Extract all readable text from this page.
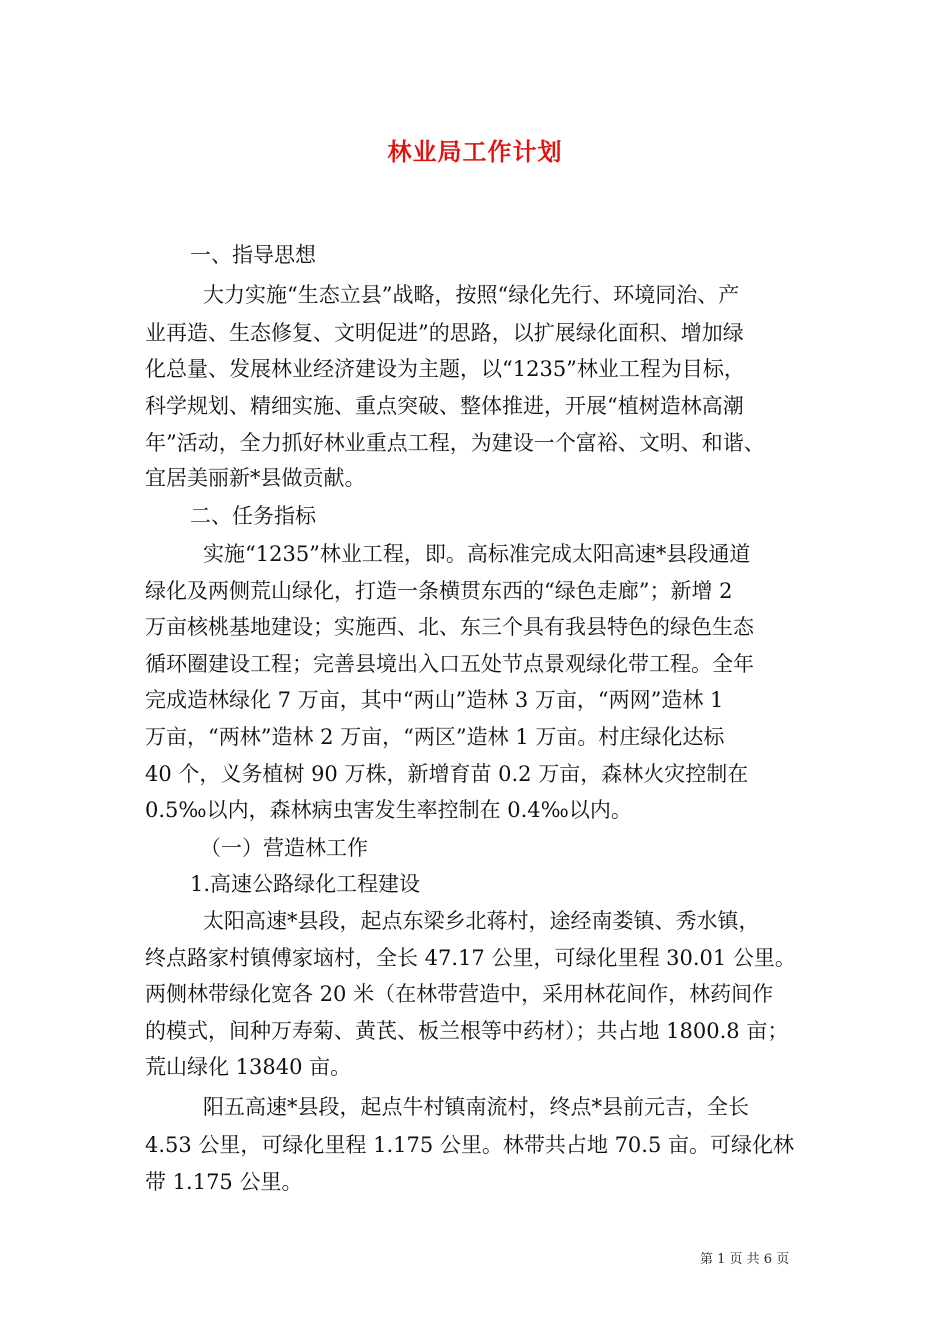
林业局工作计划
一、指导思想
大力实施“生态立县”战略，按照“绿化先行、环境同治、产
业再造、生态修复、文明促进”的思路，以扩展绿化面积、增加绿
化总量、发展林业经济建设为主题，以“1235”林业工程为目标，
科学规划、精细实施、重点突破、整体推进，开展“植树造林高潮
年”活动，全力抓好林业重点工程，为建设一个富裕、文明、和谐、
宜居美丽新*县做贡献。
二、任务指标
实施“1235”林业工程，即。高标准完成太阳高速*县段通道
绿化及两侧荒山绿化，打造一条横贯东西的“绿色走廊”；新增 2
万亩核桃基地建设；实施西、北、东三个具有我县特色的绿色生态
循环圈建设工程；完善县境出入口五处节点景观绿化带工程。全年
完成造林绿化 7 万亩，其中“两山”造林 3 万亩，“两网”造林 1
万亩，“两林”造林 2 万亩，“两区”造林 1 万亩。村庄绿化达标
40 个，义务植树 90 万株，新增育苗 0.2 万亩，森林火灾控制在
0.5‰以内，森林病虫害发生率控制在 0.4‰以内。
（一）营造林工作
1.高速公路绿化工程建设
太阳高速*县段，起点东梁乡北蒋村，途经南娄镇、秀水镇，
终点路家村镇傅家垴村，全长 47.17 公里，可绿化里程 30.01 公里。
两侧林带绿化宽各 20 米（在林带营造中，采用林花间作，林药间作
的模式，间种万寿菊、黄芪、板兰根等中药材）；共占地 1800.8 亩；
荒山绿化 13840 亩。
阳五高速*县段，起点牛村镇南流村，终点*县前元吉，全长
4.53 公里，可绿化里程 1.175 公里。林带共占地 70.5 亩。可绿化林
带 1.175 公里。
第 1 页 共 6 页
